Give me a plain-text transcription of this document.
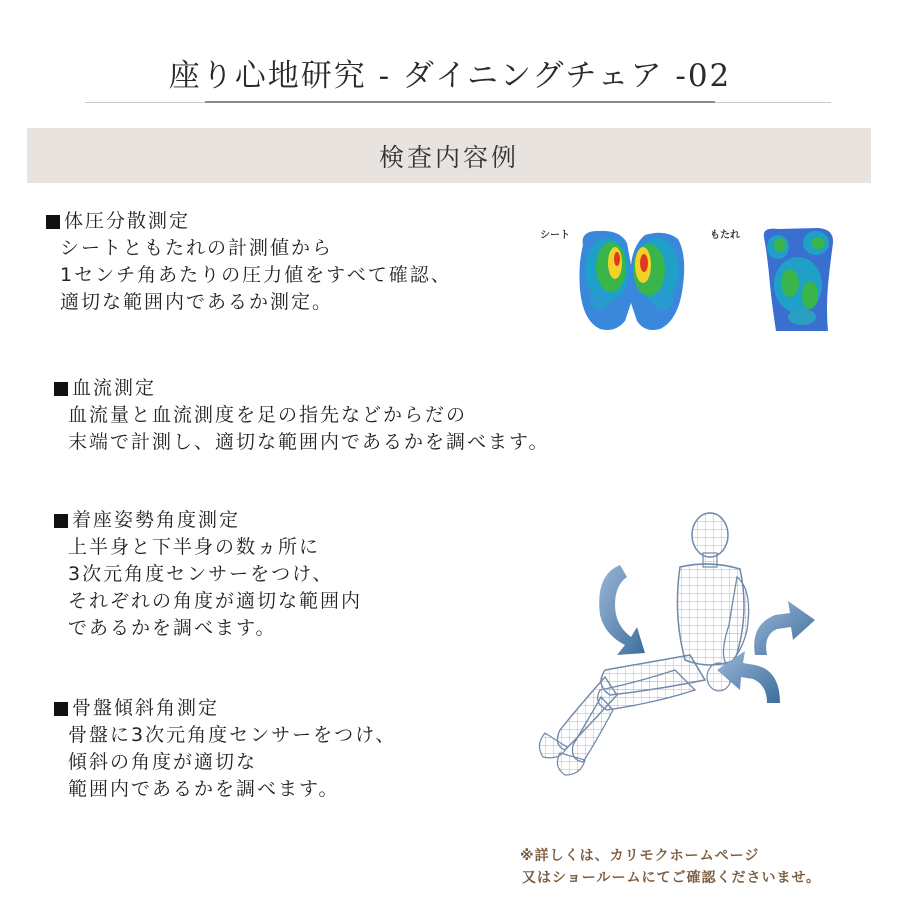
座り心地研究 - ダイニングチェア -02
検査内容例
体圧分散測定
シートともたれの計測値から
1センチ角あたりの圧力値をすべて確認、
適切な範囲内であるか測定。
血流測定
血流量と血流測度を足の指先などからだの
末端で計測し、適切な範囲内であるかを調べます。
着座姿勢角度測定
上半身と下半身の数ヵ所に
3次元角度センサーをつけ、
それぞれの角度が適切な範囲内
であるかを調べます。
骨盤傾斜角測定
骨盤に3次元角度センサーをつけ、
傾斜の角度が適切な
範囲内であるかを調べます。
シート	もたれ
※詳しくは、カリモクホームページ
又はショールームにてご確認くださいませ。
